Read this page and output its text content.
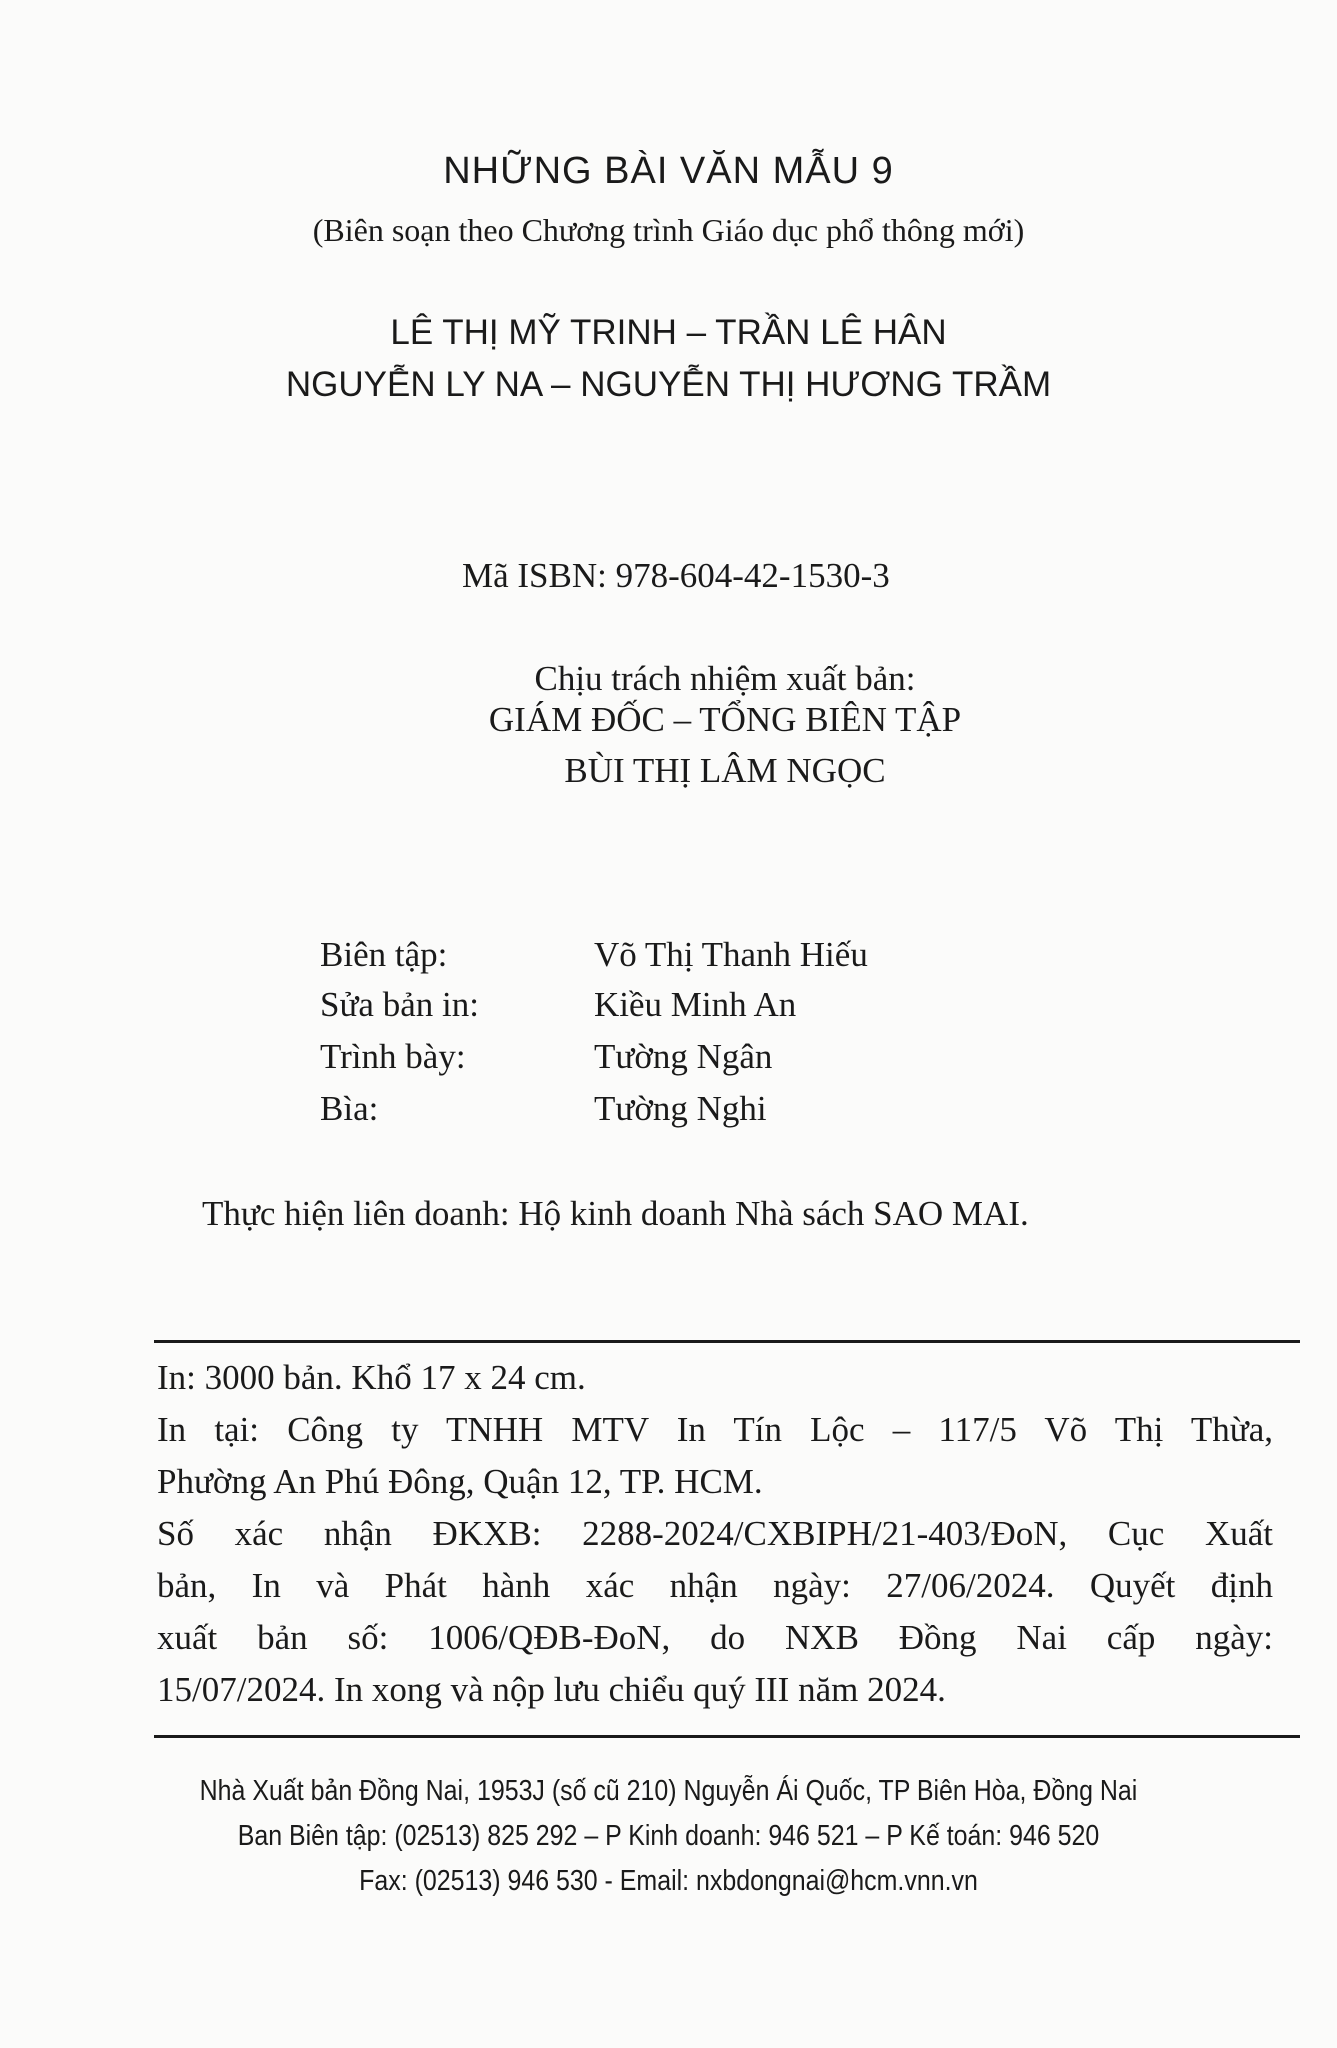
NHỮNG BÀI VĂN MẪU 9
(Biên soạn theo Chương trình Giáo dục phổ thông mới)
LÊ THỊ MỸ TRINH – TRẦN LÊ HÂN
NGUYỄN LY NA – NGUYỄN THỊ HƯƠNG TRẦM
Mã ISBN: 978-604-42-1530-3
Chịu trách nhiệm xuất bản:
GIÁM ĐỐC – TỔNG BIÊN TẬP
BÙI THỊ LÂM NGỌC
Biên tập:	Võ Thị Thanh Hiếu
Sửa bản in:	Kiều Minh An
Trình bày:	Tường Ngân
Bìa:	Tường Nghi
Thực hiện liên doanh: Hộ kinh doanh Nhà sách SAO MAI.
In: 3000 bản. Khổ 17 x 24 cm.
In tại: Công ty TNHH MTV In Tín Lộc – 117/5 Võ Thị Thừa,
Phường An Phú Đông, Quận 12, TP. HCM.
Số xác nhận ĐKXB: 2288-2024/CXBIPH/21-403/ĐoN, Cục Xuất
bản, In và Phát hành xác nhận ngày: 27/06/2024. Quyết định
xuất bản số: 1006/QĐB-ĐoN, do NXB Đồng Nai cấp ngày:
15/07/2024. In xong và nộp lưu chiểu quý III năm 2024.
Nhà Xuất bản Đồng Nai, 1953J (số cũ 210) Nguyễn Ái Quốc, TP Biên Hòa, Đồng Nai
Ban Biên tập: (02513) 825 292 – P Kinh doanh: 946 521 – P Kế toán: 946 520
Fax: (02513) 946 530 - Email: nxbdongnai@hcm.vnn.vn
